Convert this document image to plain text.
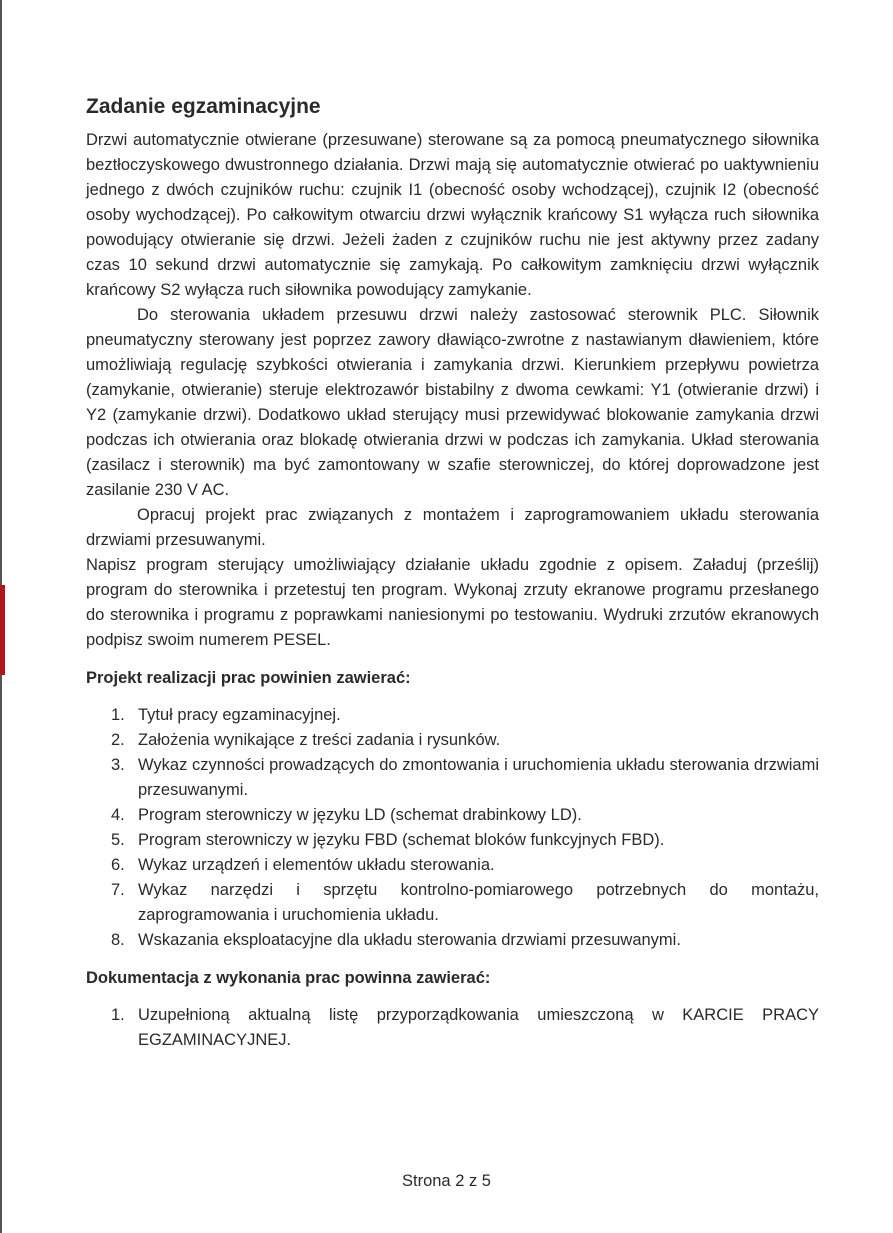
Zadanie egzaminacyjne

Drzwi automatycznie otwierane (przesuwane) sterowane są za pomocą pneumatycznego siłownika beztłoczyskowego dwustronnego działania. Drzwi mają się automatycznie otwierać po uaktywnieniu jednego z dwóch czujników ruchu: czujnik I1 (obecność osoby wchodzącej), czujnik I2 (obecność osoby wychodzącej). Po całkowitym otwarciu drzwi wyłącznik krańcowy S1 wyłącza ruch siłownika powodujący otwieranie się drzwi. Jeżeli żaden z czujników ruchu nie jest aktywny przez zadany czas 10 sekund drzwi automatycznie się zamykają. Po całkowitym zamknięciu drzwi wyłącznik krańcowy S2 wyłącza ruch siłownika powodujący zamykanie.

Do sterowania układem przesuwu drzwi należy zastosować sterownik PLC. Siłownik pneumatyczny sterowany jest poprzez zawory dławiąco-zwrotne z nastawianym dławieniem, które umożliwiają regulację szybkości otwierania i zamykania drzwi. Kierunkiem przepływu powietrza (zamykanie, otwieranie) steruje elektrozawór bistabilny z dwoma cewkami: Y1 (otwieranie drzwi) i Y2 (zamykanie drzwi). Dodatkowo układ sterujący musi przewidywać blokowanie zamykania drzwi podczas ich otwierania oraz blokadę otwierania drzwi w podczas ich zamykania. Układ sterowania (zasilacz i sterownik) ma być zamontowany w szafie sterowniczej, do której doprowadzone jest zasilanie 230 V AC.

Opracuj projekt prac związanych z montażem i zaprogramowaniem układu sterowania drzwiami przesuwanymi.

Napisz program sterujący umożliwiający działanie układu zgodnie z opisem. Załaduj (prześlij) program do sterownika i przetestuj ten program. Wykonaj zrzuty ekranowe programu przesłanego do sterownika i programu z poprawkami naniesionymi po testowaniu. Wydruki zrzutów ekranowych podpisz swoim numerem PESEL.

Projekt realizacji prac powinien zawierać:
1. Tytuł pracy egzaminacyjnej.
2. Założenia wynikające z treści zadania i rysunków.
3. Wykaz czynności prowadzących do zmontowania i uruchomienia układu sterowania drzwiami przesuwanymi.
4. Program sterowniczy w języku LD (schemat drabinkowy LD).
5. Program sterowniczy w języku FBD (schemat bloków funkcyjnych FBD).
6. Wykaz urządzeń i elementów układu sterowania.
7. Wykaz narzędzi i sprzętu kontrolno-pomiarowego potrzebnych do montażu, zaprogramowania i uruchomienia układu.
8. Wskazania eksploatacyjne dla układu sterowania drzwiami przesuwanymi.
Dokumentacja z wykonania prac powinna zawierać:
1. Uzupełnioną aktualną listę przyporządkowania umieszczoną w KARCIE PRACY EGZAMINACYJNEJ.
Strona 2 z 5
